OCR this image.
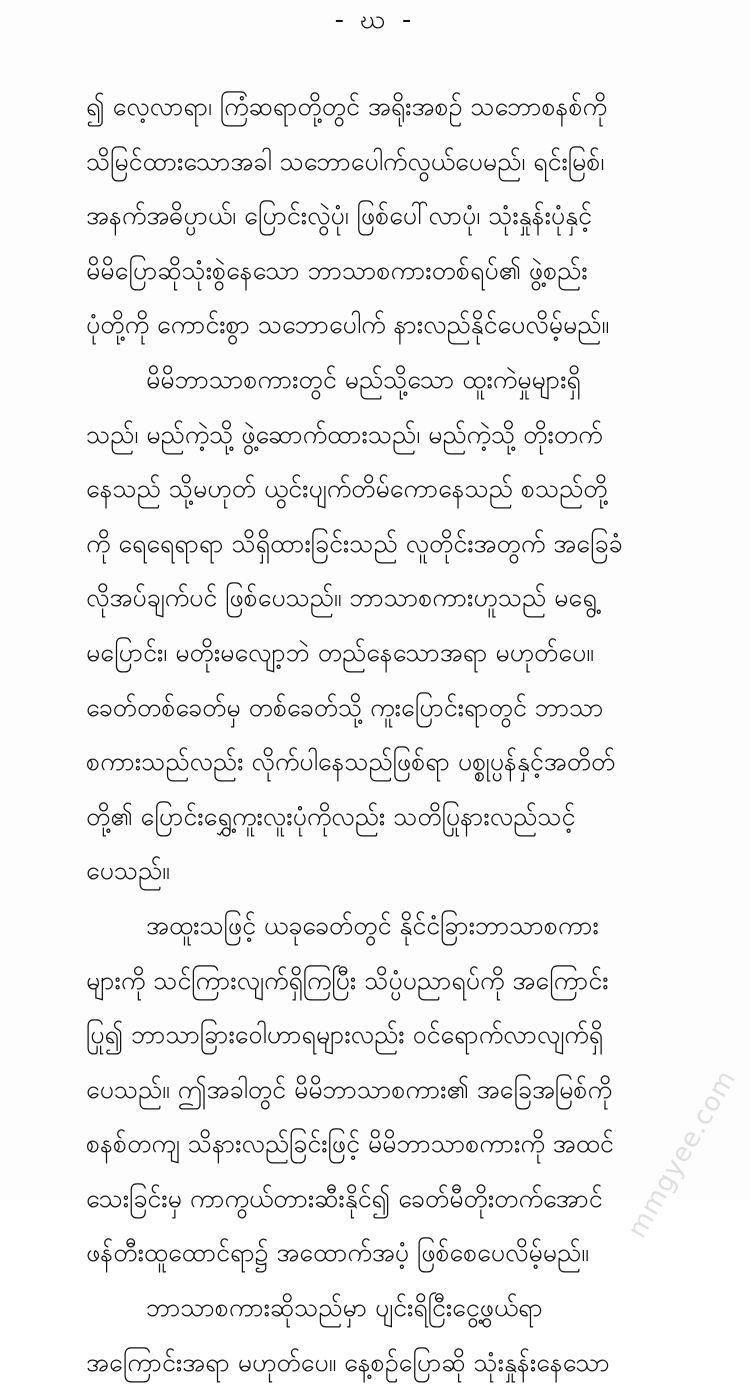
- ဃ -
၍ လေ့လာရာ၊ ကြံဆရာတို့တွင် အရိုးအစဉ် သဘောစနစ်ကို
သိမြင်ထားသောအခါ သဘောပေါက်လွယ်ပေမည်၊ ရင်းမြစ်၊
အနက်အဓိပ္ပာယ်၊ ပြောင်းလွဲပုံ၊ ဖြစ်ပေါ်လာပုံ၊ သုံးနှုန်းပုံနှင့်
မိမိပြောဆိုသုံးစွဲနေသော ဘာသာစကားတစ်ရပ်၏ ဖွဲ့စည်း
ပုံတို့ကို ကောင်းစွာ သဘောပေါက် နားလည်နိုင်ပေလိမ့်မည်။
မိမိဘာသာစကားတွင် မည်သို့သော ထူးကဲမှုများရှိ
သည်၊ မည်ကဲ့သို့ ဖွဲ့ဆောက်ထားသည်၊ မည်ကဲ့သို့ တိုးတက်
နေသည် သို့မဟုတ် ယွင်းပျက်တိမ်ကောနေသည် စသည်တို့
ကို ရေရေရာရာ သိရှိထားခြင်းသည် လူတိုင်းအတွက် အခြေခံ
လိုအပ်ချက်ပင် ဖြစ်ပေသည်။ ဘာသာစကားဟူသည် မရွေ့
မပြောင်း၊ မတိုးမလျော့ဘဲ တည်နေသောအရာ မဟုတ်ပေ။
ခေတ်တစ်ခေတ်မှ တစ်ခေတ်သို့ ကူးပြောင်းရာတွင် ဘာသာ
စကားသည်လည်း လိုက်ပါနေသည်ဖြစ်ရာ ပစ္စုပ္ပန်နှင့်အတိတ်
တို့၏ ပြောင်းရွှေ့ကူးလူးပုံကိုလည်း သတိပြုနားလည်သင့်
ပေသည်။
အထူးသဖြင့် ယခုခေတ်တွင် နိုင်ငံခြားဘာသာစကား
များကို သင်ကြားလျက်ရှိကြပြီး သိပ္ပံပညာရပ်ကို အကြောင်း
ပြု၍ ဘာသာခြားဝေါဟာရများလည်း ဝင်ရောက်လာလျက်ရှိ
ပေသည်။ ဤအခါတွင် မိမိဘာသာစကား၏ အခြေအမြစ်ကို
စနစ်တကျ သိနားလည်ခြင်းဖြင့် မိမိဘာသာစကားကို အထင်
သေးခြင်းမှ ကာကွယ်တားဆီးနိုင်၍ ခေတ်မီတိုးတက်အောင်
ဖန်တီးထူထောင်ရာ၌ အထောက်အပံ့ ဖြစ်စေပေလိမ့်မည်။
ဘာသာစကားဆိုသည်မှာ ပျင်းရိငြီးငွေ့ဖွယ်ရာ
အကြောင်းအရာ မဟုတ်ပေ။ နေ့စဉ်ပြောဆို သုံးနှုန်းနေသော
mmgyee.com
